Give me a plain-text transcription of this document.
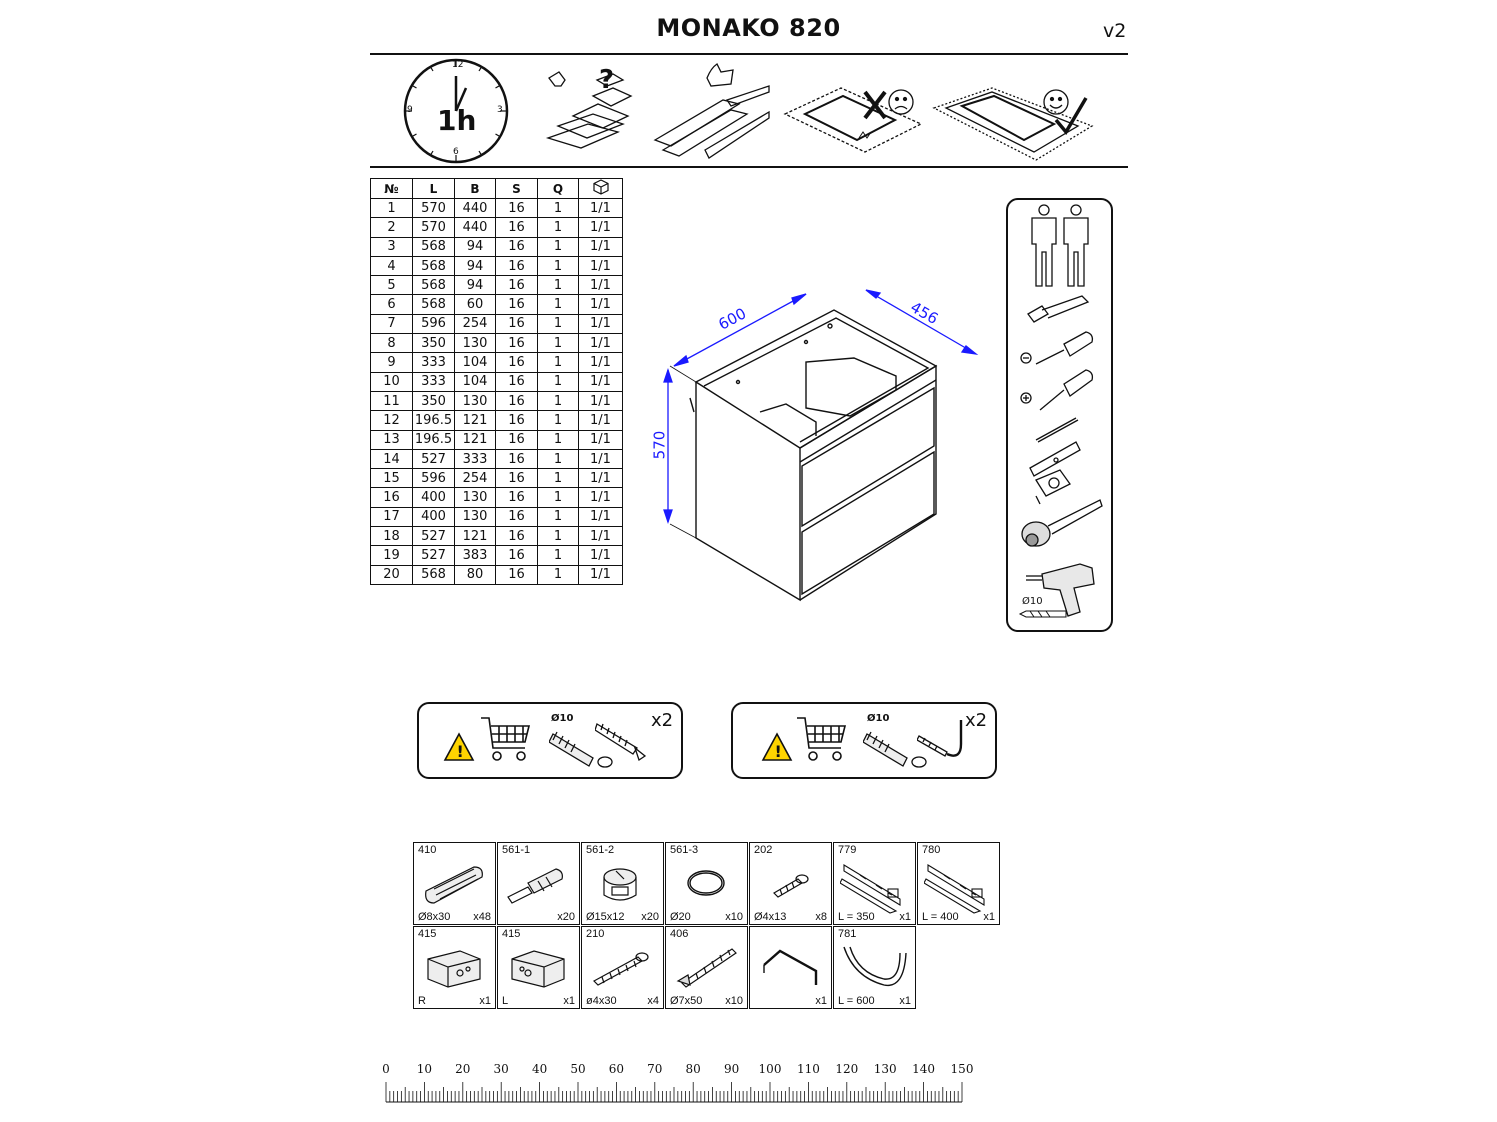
MONAKO 820	v2
12
3
6
9 1h
?
№	L	B	S	Q	
1	570	440	16	1	1/1
2	570	440	16	1	1/1
3	568	94	16	1	1/1
4	568	94	16	1	1/1
5	568	94	16	1	1/1
6	568	60	16	1	1/1
7	596	254	16	1	1/1
8	350	130	16	1	1/1
9	333	104	16	1	1/1
10	333	104	16	1	1/1
11	350	130	16	1	1/1
12	196.5	121	16	1	1/1
13	196.5	121	16	1	1/1
14	527	333	16	1	1/1
15	596	254	16	1	1/1
16	400	130	16	1	1/1
17	400	130	16	1	1/1
18	527	121	16	1	1/1
19	527	383	16	1	1/1
20	568	80	16	1	1/1
600	456
570
Ø10
!
Ø10	x2
!
Ø10	x2
410
Ø8x30 x48
561-1
x20
561-2
Ø15x12 x20
561-3
Ø20	x10
202
Ø4x13	x8
779
L = 350 x1
780
L = 400 x1
415
R	x1
415
L	x1
210
ø4x30	x4
406
Ø7x50 x10	x1
781
L = 600 x1
0 10 20 30 40 50 60 70 80 90 100 110 120 130 140 150
